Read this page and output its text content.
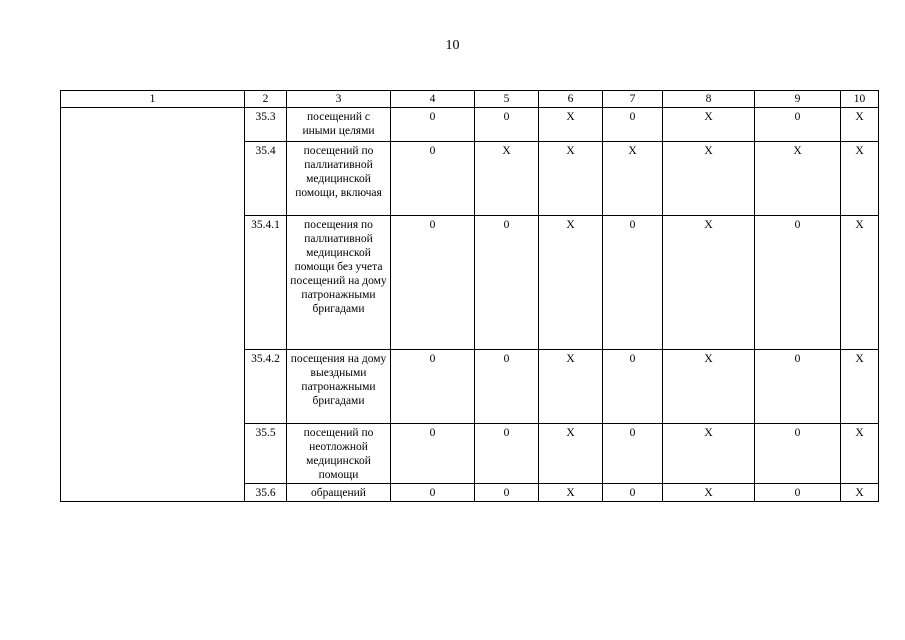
10
1	2	3	4	5	6	7	8	9	10
	35.3	посещений с иными целями	0	0	X	0	X	0	X
	35.4	посещений по паллиативной медицинской помощи, включая	0	X	X	X	X	X	X
	35.4.1	посещения по паллиативной медицинской помощи без учета посещений на дому патронажными бригадами	0	0	X	0	X	0	X
	35.4.2	посещения на дому выездными патронажными бригадами	0	0	X	0	X	0	X
	35.5	посещений по неотложной медицинской помощи	0	0	X	0	X	0	X
	35.6	обращений	0	0	X	0	X	0	X
